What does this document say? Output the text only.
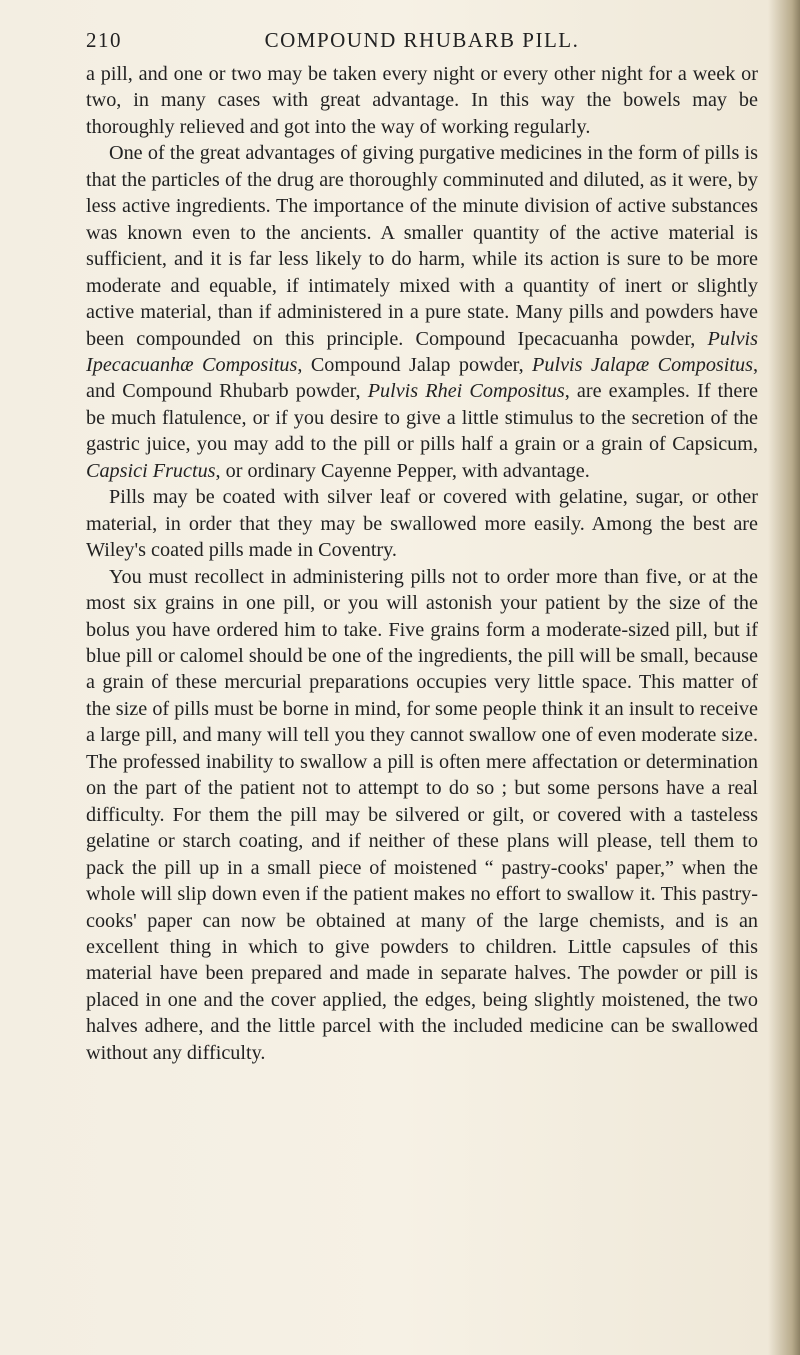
210	COMPOUND RHUBARB PILL.

a pill, and one or two may be taken every night or every other night for a week or two, in many cases with great advantage. In this way the bowels may be thoroughly relieved and got into the way of working regularly.

One of the great advantages of giving purgative medicines in the form of pills is that the particles of the drug are thoroughly comminuted and diluted, as it were, by less active ingredients. The importance of the minute division of active substances was known even to the ancients. A smaller quantity of the active material is sufficient, and it is far less likely to do harm, while its action is sure to be more moderate and equable, if intimately mixed with a quantity of inert or slightly active material, than if administered in a pure state. Many pills and powders have been compounded on this principle. Compound Ipecacuanha powder, Pulvis Ipecacuanhæ Compositus, Compound Jalap powder, Pulvis Jalapæ Compositus, and Compound Rhubarb powder, Pulvis Rhei Compositus, are examples. If there be much flatulence, or if you desire to give a little stimulus to the secretion of the gastric juice, you may add to the pill or pills half a grain or a grain of Capsicum, Capsici Fructus, or ordinary Cayenne Pepper, with advantage.

Pills may be coated with silver leaf or covered with gelatine, sugar, or other material, in order that they may be swallowed more easily. Among the best are Wiley's coated pills made in Coventry.

You must recollect in administering pills not to order more than five, or at the most six grains in one pill, or you will astonish your patient by the size of the bolus you have ordered him to take. Five grains form a moderate-sized pill, but if blue pill or calomel should be one of the ingredients, the pill will be small, because a grain of these mercurial preparations occupies very little space. This matter of the size of pills must be borne in mind, for some people think it an insult to receive a large pill, and many will tell you they cannot swallow one of even moderate size. The professed inability to swallow a pill is often mere affectation or determination on the part of the patient not to attempt to do so ; but some persons have a real difficulty. For them the pill may be silvered or gilt, or covered with a tasteless gelatine or starch coating, and if neither of these plans will please, tell them to pack the pill up in a small piece of moistened “ pastry-cooks' paper,” when the whole will slip down even if the patient makes no effort to swallow it. This pastry-cooks' paper can now be obtained at many of the large chemists, and is an excellent thing in which to give powders to children. Little capsules of this material have been prepared and made in separate halves. The powder or pill is placed in one and the cover applied, the edges, being slightly moistened, the two halves adhere, and the little parcel with the included medicine can be swallowed without any difficulty.
